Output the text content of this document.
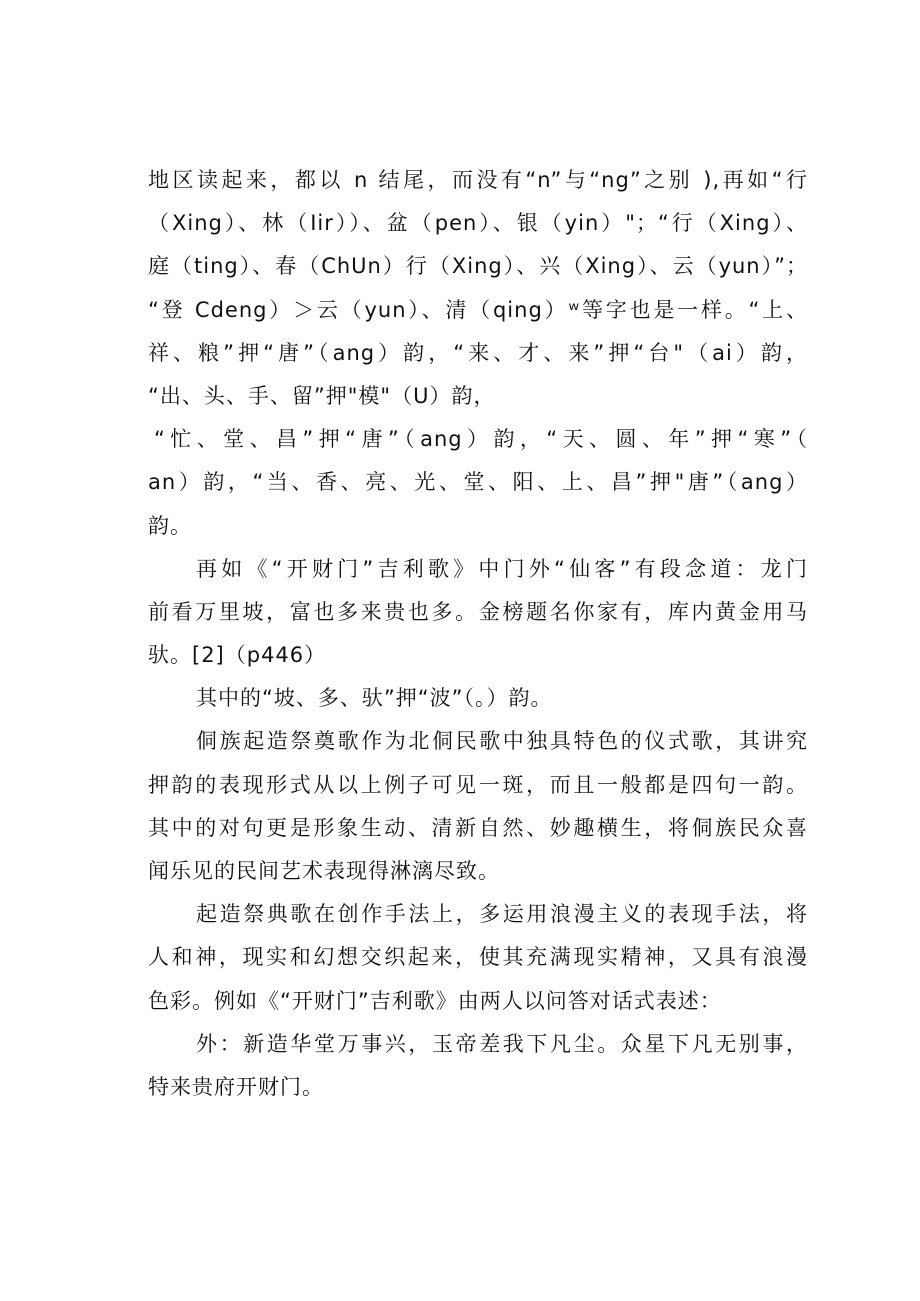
地区读起来，都以 n 结尾，而没有“n”与“ng”之别 ),再如“行
（Xing）、林（Iir））、盆（pen）、银（yin）"；“行（Xing）、
庭（ting）、春（ChUn）行（Xing）、兴（Xing）、云（yun）”；
“登 Cdeng）＞云（yun）、清（qing）ʷ等字也是一样。“上、
祥、粮”押“唐”（ang）韵，“来、才、来”押“台"（ai）韵，
“出、头、手、留”押"模"（U）韵，
“忙、堂、昌”押“唐”（ang）韵，“天、圆、年”押“寒”（
an）韵，“当、香、亮、光、堂、阳、上、昌”押"唐”（ang）
韵。
再如《“开财门”吉利歌》中门外“仙客”有段念道：龙门
前看万里坡，富也多来贵也多。金榜题名你家有，库内黄金用马
驮。[2]（p446）
其中的“坡、多、驮”押“波”（。）韵。
侗族起造祭奠歌作为北侗民歌中独具特色的仪式歌，其讲究
押韵的表现形式从以上例子可见一斑，而且一般都是四句一韵。
其中的对句更是形象生动、清新自然、妙趣横生，将侗族民众喜
闻乐见的民间艺术表现得淋漓尽致。
起造祭典歌在创作手法上，多运用浪漫主义的表现手法，将
人和神，现实和幻想交织起来，使其充满现实精神，又具有浪漫
色彩。例如《“开财门”吉利歌》由两人以问答对话式表述：
外：新造华堂万事兴，玉帝差我下凡尘。众星下凡无别事，
特来贵府开财门。
